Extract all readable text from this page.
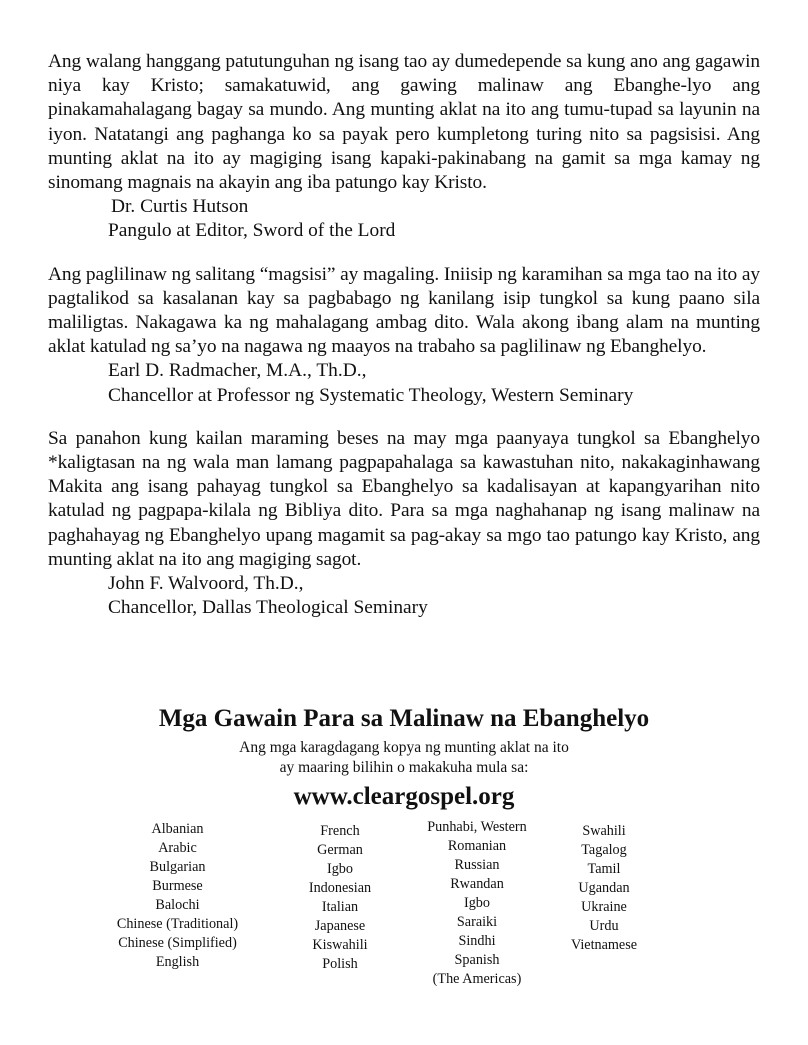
Ang walang hanggang patutunguhan ng isang tao ay dumedepende sa kung ano ang gagawin niya kay Kristo; samakatuwid, ang gawing malinaw ang Ebanghe-lyo ang pinakamahalagang bagay sa mundo. Ang munting aklat na ito ang tumu-tupad sa layunin na iyon. Natatangi ang paghanga ko sa payak pero kumpletong turing nito sa pagsisisi. Ang munting aklat na ito ay magiging isang kapaki-pakinabang na gamit sa mga kamay ng sinomang magnais na akayin ang iba patungo kay Kristo.

Dr. Curtis Hutson

Pangulo at Editor, Sword of the Lord

Ang paglilinaw ng salitang “magsisi” ay magaling. Iniisip ng karamihan sa mga tao na ito ay pagtalikod sa kasalanan kay sa pagbabago ng kanilang isip tungkol sa kung paano sila maliligtas. Nakagawa ka ng mahalagang ambag dito. Wala akong ibang alam na munting aklat katulad ng sa’yo na nagawa ng maayos na trabaho sa paglilinaw ng Ebanghelyo.

Earl D. Radmacher, M.A., Th.D.,

Chancellor at Professor ng Systematic Theology, Western Seminary

Sa panahon kung kailan maraming beses na may mga paanyaya tungkol sa Ebanghelyo *kaligtasan na ng wala man lamang pagpapahalaga sa kawastuhan nito, nakakaginhawang Makita ang isang pahayag tungkol sa Ebanghelyo sa kadalisayan at kapangyarihan nito katulad ng pagpapa-kilala ng Bibliya dito. Para sa mga naghahanap ng isang malinaw na paghahayag ng Ebanghelyo upang magamit sa pag-akay sa mgo tao patungo kay Kristo, ang munting aklat na ito ang magiging sagot.

John F. Walvoord, Th.D.,

Chancellor, Dallas Theological Seminary

Mga Gawain Para sa Malinaw na Ebanghelyo
Ang mga karagdagang kopya ng munting aklat na ito
ay maaring bilihin o makakuha mula sa:
www.cleargospel.org
Albanian
Arabic
Bulgarian
Burmese
Balochi
Chinese (Traditional)
Chinese (Simplified)
English
French
German
Igbo
Indonesian
Italian
Japanese
Kiswahili
Polish
Punhabi, Western
Romanian
Russian
Rwandan
Igbo
Saraiki
Sindhi
Spanish
(The Americas)
Swahili
Tagalog
Tamil
Ugandan
Ukraine
Urdu
Vietnamese
